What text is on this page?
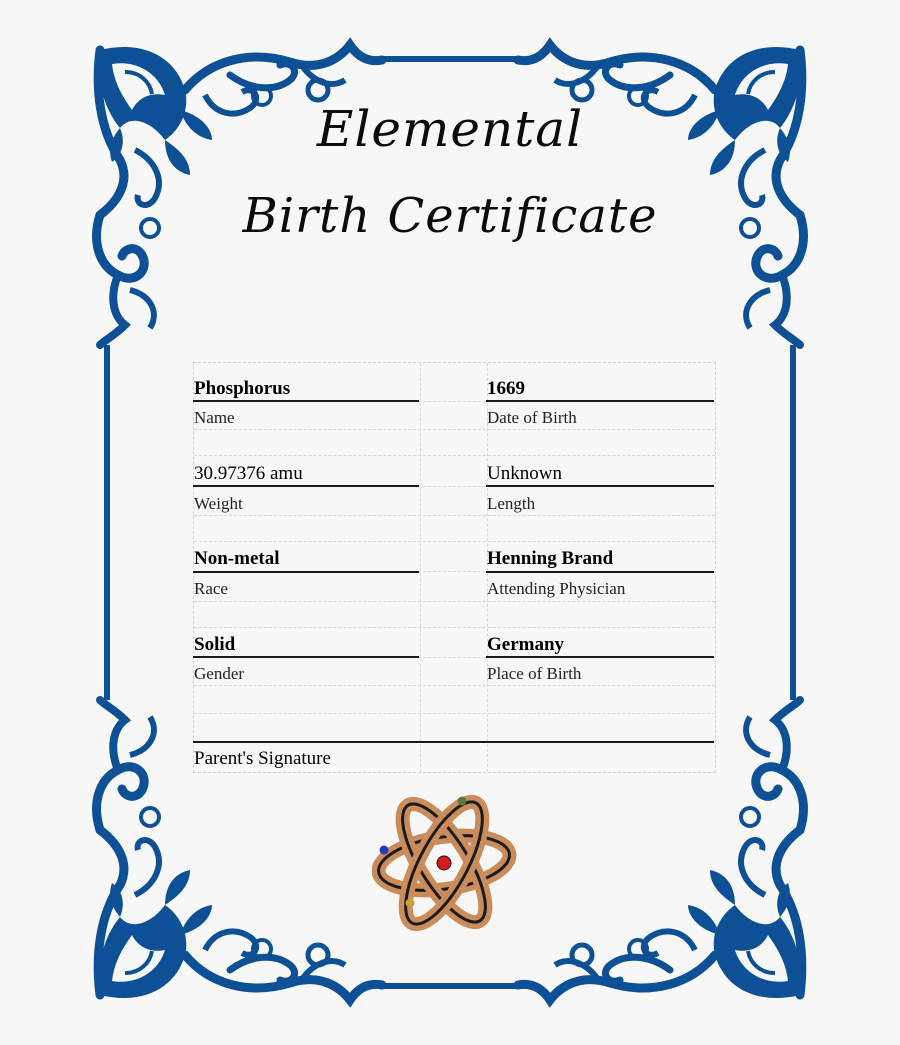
Elemental
Birth Certificate
Phosphorus
Name
1669
Date of Birth
30.97376 amu
Weight
Unknown
Length
Non-metal
Race
Henning Brand
Attending Physician
Solid
Gender
Germany
Place of Birth
Parent's Signature
